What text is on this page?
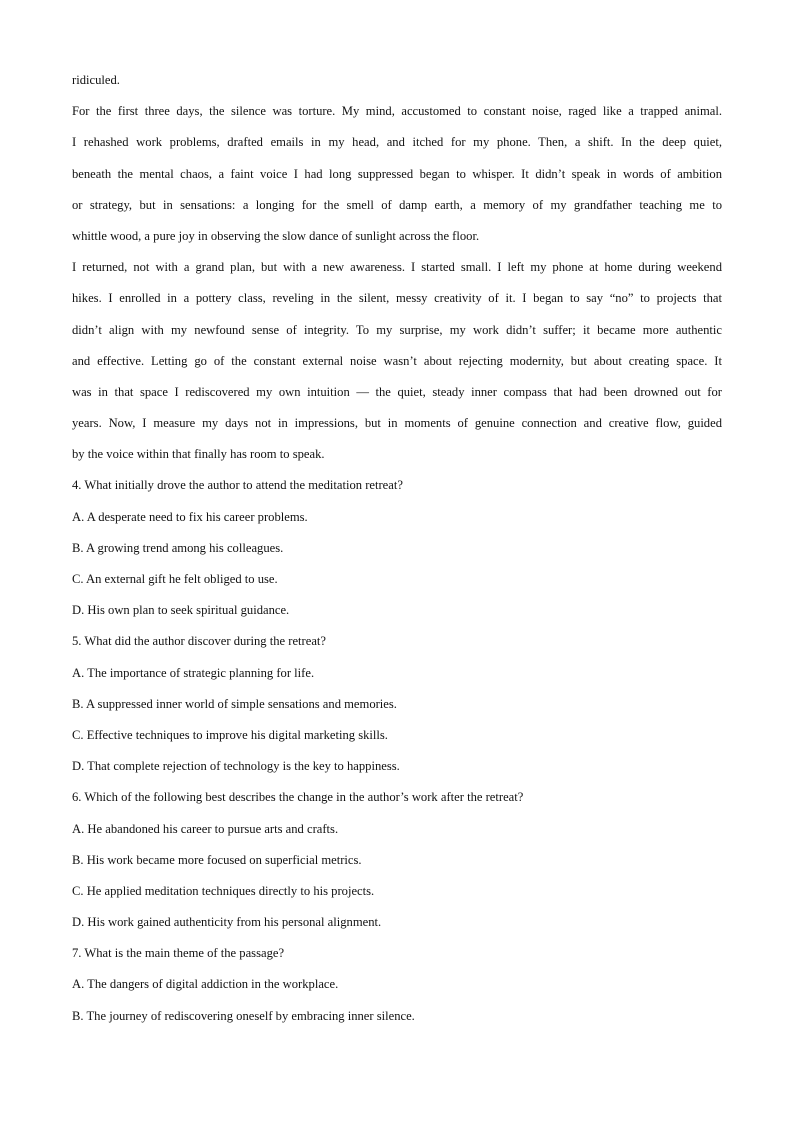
ridiculed.
For the first three days, the silence was torture. My mind, accustomed to constant noise, raged like a trapped animal.
I rehashed work problems, drafted emails in my head, and itched for my phone. Then, a shift. In the deep quiet,
beneath the mental chaos, a faint voice I had long suppressed began to whisper. It didn’t speak in words of ambition
or strategy, but in sensations: a longing for the smell of damp earth, a memory of my grandfather teaching me to
whittle wood, a pure joy in observing the slow dance of sunlight across the floor.
I returned, not with a grand plan, but with a new awareness. I started small. I left my phone at home during weekend
hikes. I enrolled in a pottery class, reveling in the silent, messy creativity of it. I began to say “no” to projects that
didn’t align with my newfound sense of integrity. To my surprise, my work didn’t suffer; it became more authentic
and effective. Letting go of the constant external noise wasn’t about rejecting modernity, but about creating space. It
was in that space I rediscovered my own intuition — the quiet, steady inner compass that had been drowned out for
years. Now, I measure my days not in impressions, but in moments of genuine connection and creative flow, guided
by the voice within that finally has room to speak.
4. What initially drove the author to attend the meditation retreat?
A. A desperate need to fix his career problems.
B. A growing trend among his colleagues.
C. An external gift he felt obliged to use.
D. His own plan to seek spiritual guidance.
5. What did the author discover during the retreat?
A. The importance of strategic planning for life.
B. A suppressed inner world of simple sensations and memories.
C. Effective techniques to improve his digital marketing skills.
D. That complete rejection of technology is the key to happiness.
6. Which of the following best describes the change in the author’s work after the retreat?
A. He abandoned his career to pursue arts and crafts.
B. His work became more focused on superficial metrics.
C. He applied meditation techniques directly to his projects.
D. His work gained authenticity from his personal alignment.
7. What is the main theme of the passage?
A. The dangers of digital addiction in the workplace.
B. The journey of rediscovering oneself by embracing inner silence.
